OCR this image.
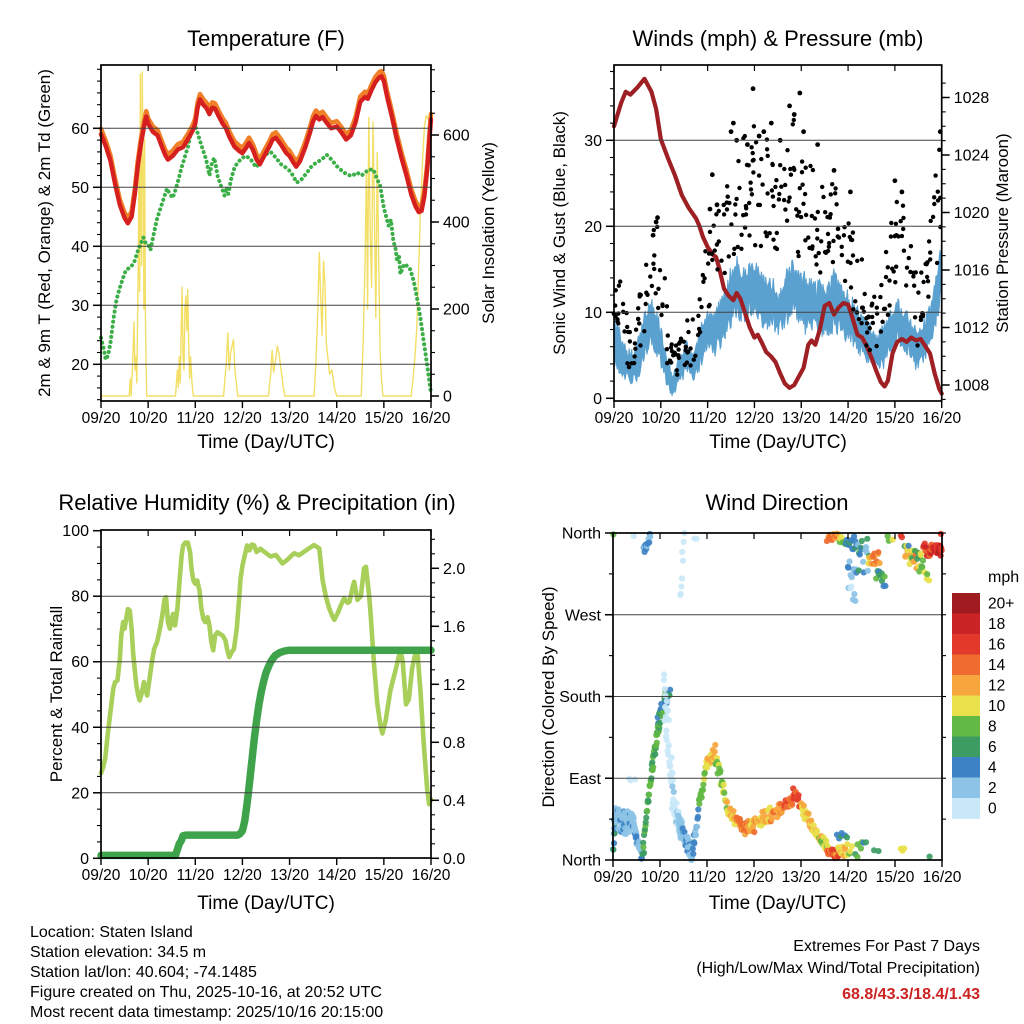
09/20 10/20 11/20 12/20 13/20 14/20 15/20 16/20
20
30
40
50
60
0
200
400
600
09/20 10/20 11/20 12/20 13/20 14/20 15/20 16/20
0
10
20
30
1008
1012
1016
1020
1024
1028
09/20 10/20 11/20 12/20 13/20 14/20 15/20 16/20
0
20
40
60
80
100
0.0
0.4
0.8
1.2
1.6
2.0
09/20 10/20 11/20 12/20 13/20 14/20 15/20 16/20
North
West
South
East
North
20+
18
16
14
12
10
8
6
4
2
0
Temperature (F)	Winds (mph) & Pressure (mb)
Relative Humidity (%) & Precipitation (in)	Wind Direction
2m & 9m T (Red, Orange) & 2m Td (Green)	Solar Insolation (Yellow)	Sonic Wind & Gust (Blue, Black)	Station Pressure (Maroon)
Percent & Total Rainfall	Direction (Colored By Speed)
Time (Day/UTC)	Time (Day/UTC)
Time (Day/UTC)	Time (Day/UTC)
mph
Location: Staten Island
Station elevation: 34.5 m
Station lat/lon: 40.604; -74.1485
Figure created on Thu, 2025-10-16, at 20:52 UTC
Most recent data timestamp: 2025/10/16 20:15:00
Extremes For Past 7 Days
(High/Low/Max Wind/Total Precipitation)
68.8/43.3/18.4/1.43
